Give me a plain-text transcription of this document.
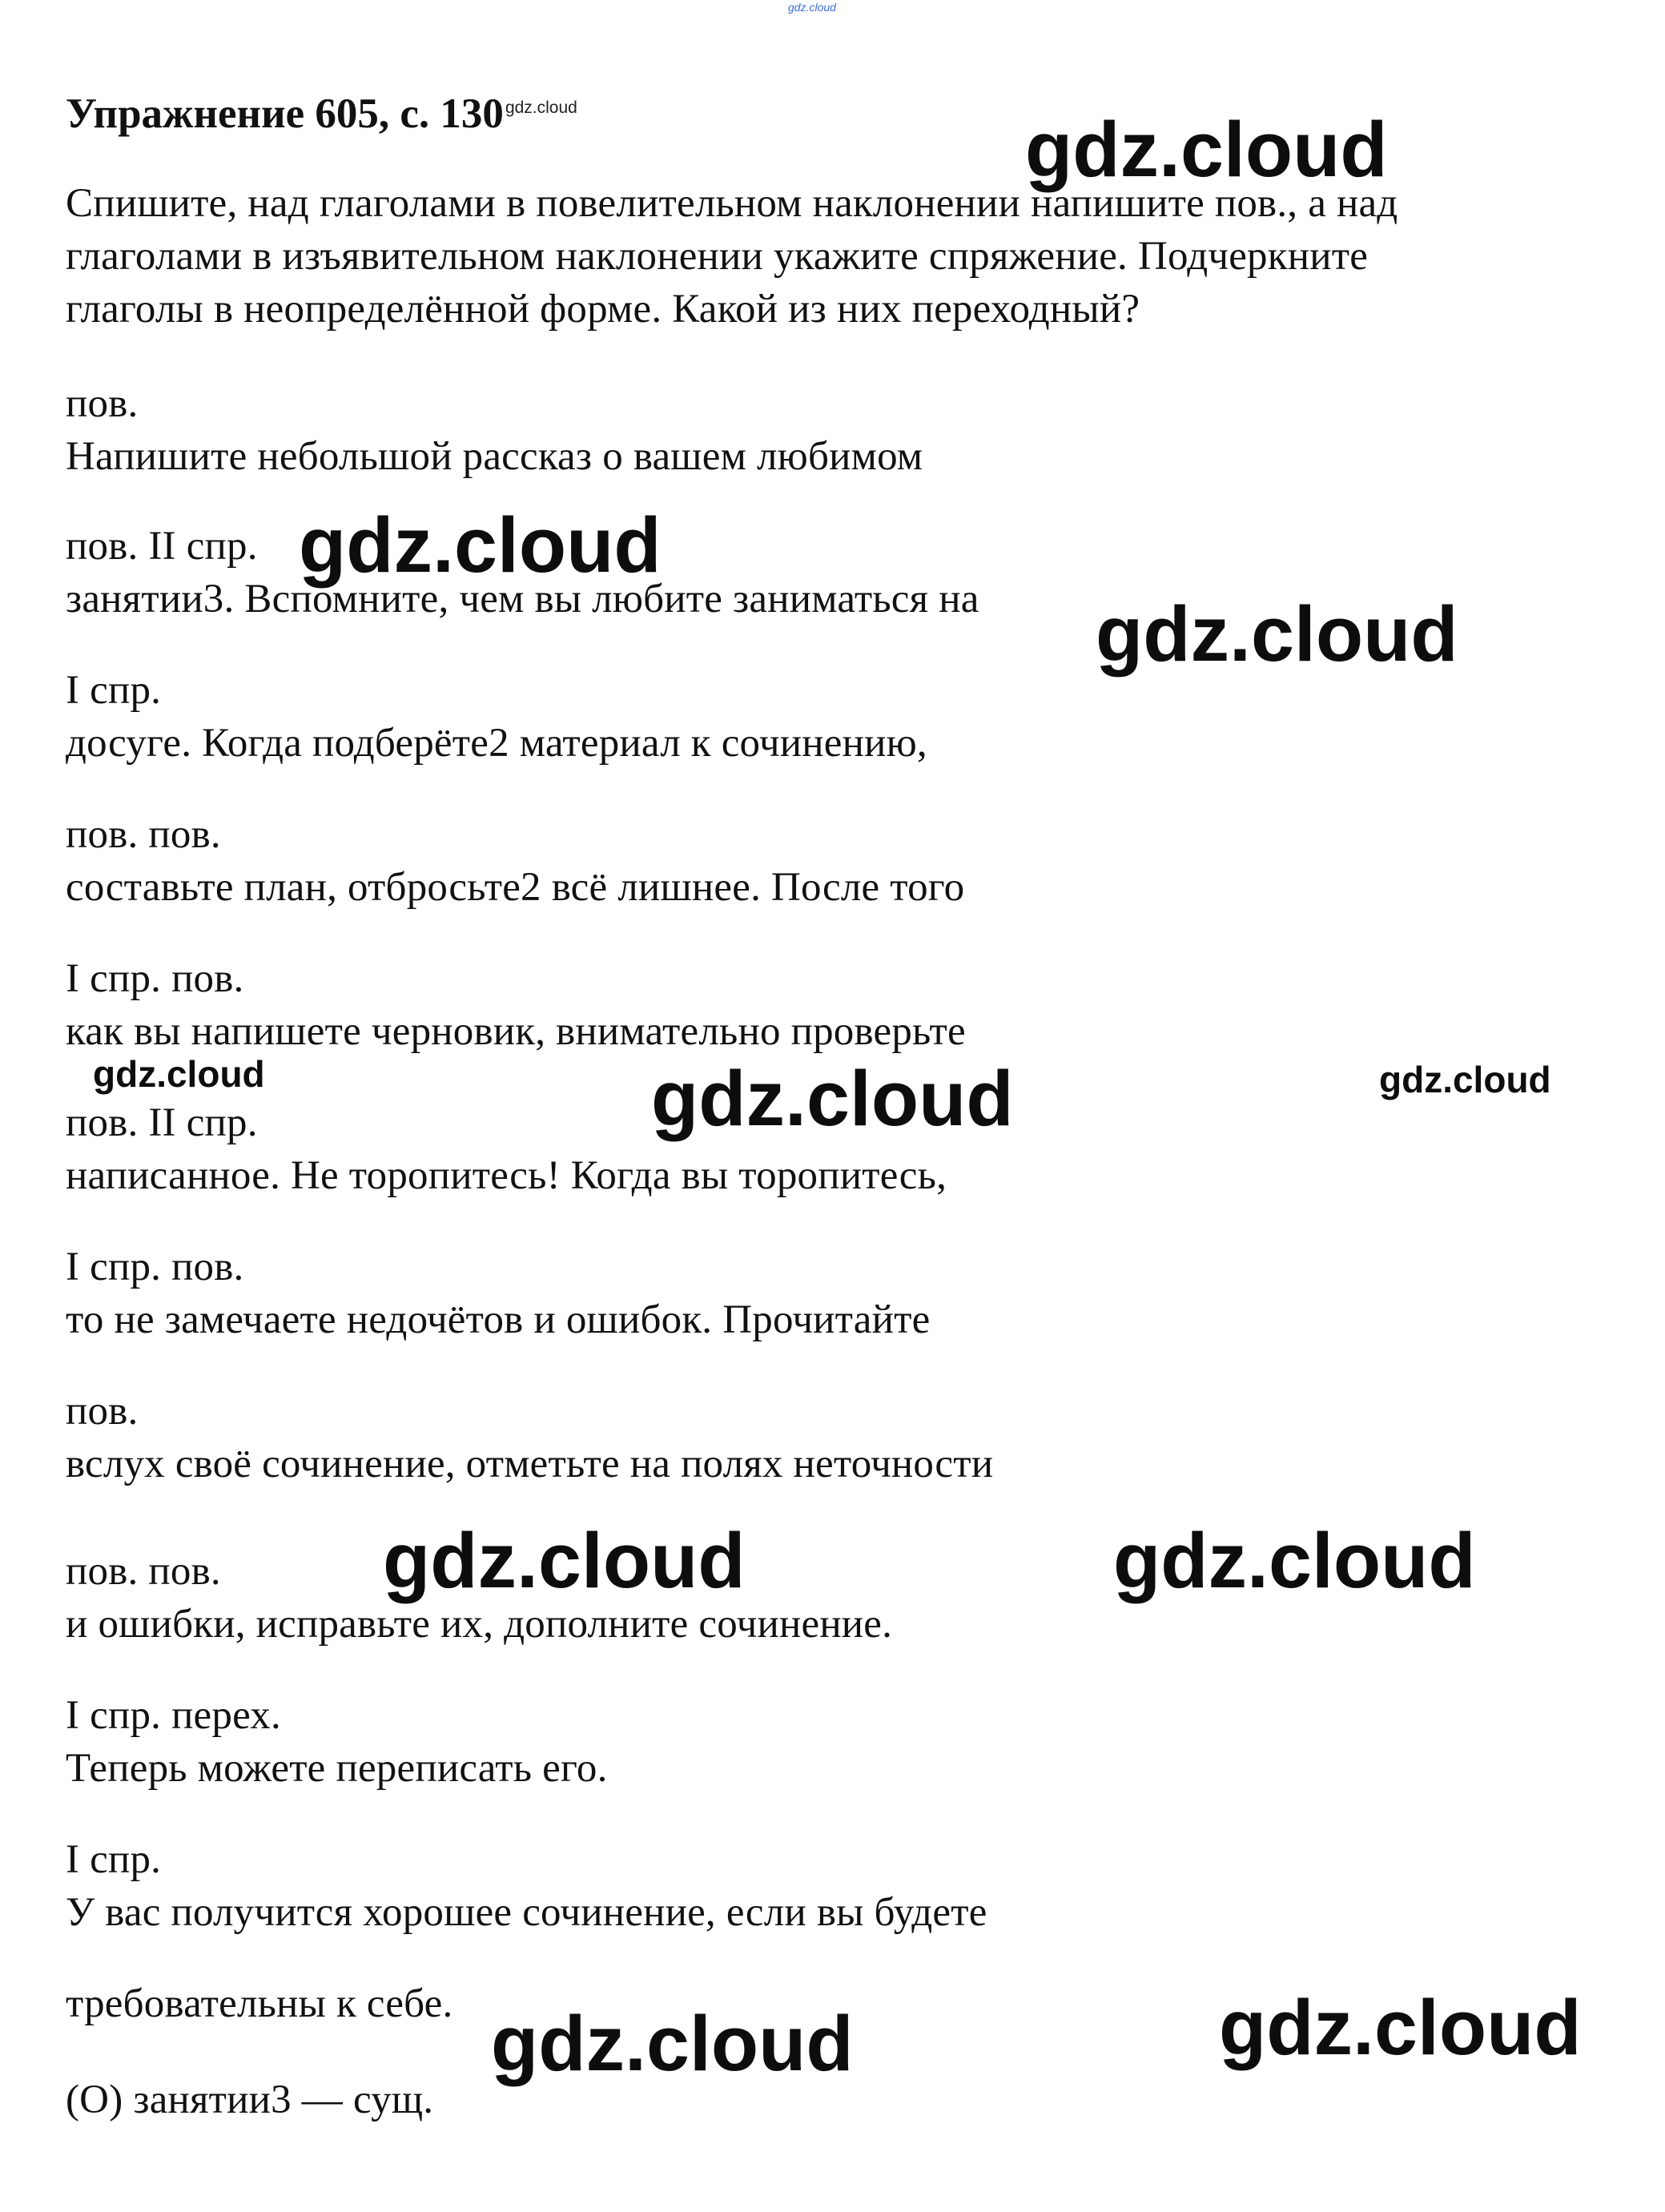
gdz.cloud
Упражнение 605, с. $130^{gdz.cloud}$
Спишите, над глаголами в повелительном наклонении напишите пов., а над
глаголами в изъявительном наклонении укажите спряжение. Подчеркните
глаголы в неопределённой форме. Какой из них переходный?
пов.
Напишите небольшой рассказ о вашем любимом
пов. II спр.
занятии3. Вспомните, чем вы любите заниматься на
I спр.
досуге. Когда подберёте2 материал к сочинению,
пов. пов.
составьте план, отбросьте2 всё лишнее. После того
I спр. пов.
как вы напишете черновик, внимательно проверьте
пов. II спр.
написанное. Не торопитесь! Когда вы торопитесь,
I спр. пов.
то не замечаете недочётов и ошибок. Прочитайте
пов.
вслух своё сочинение, отметьте на полях неточности
пов. пов.
и ошибки, исправьте их, дополните сочинение.
I спр. перех.
Теперь можете переписать его.
I спр.
У вас получится хорошее сочинение, если вы будете
требовательны к себе.
(О) занятии3 — сущ.
gdz.cloud
gdz.cloud
gdz.cloud
gdz.cloud	gdz.cloud	gdz.cloud
gdz.cloud	gdz.cloud
gdz.cloud
gdz.cloud
